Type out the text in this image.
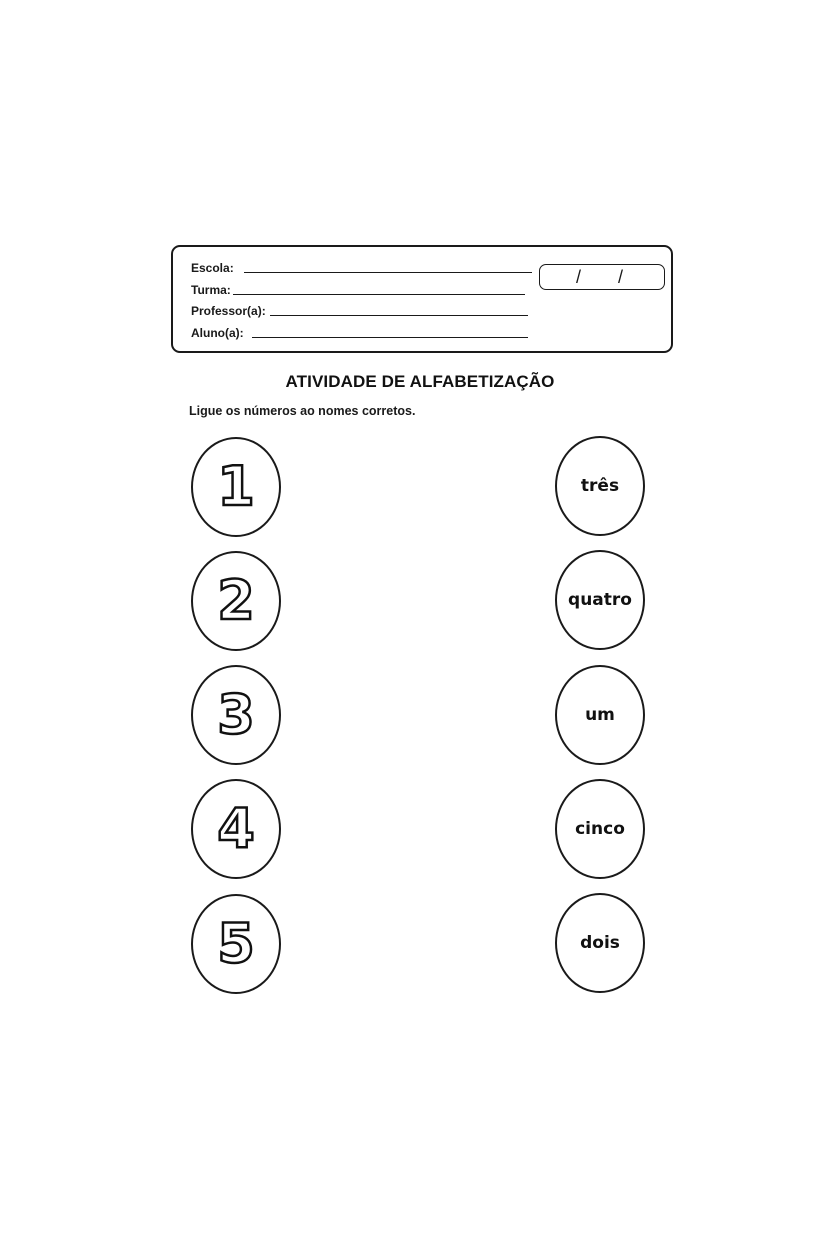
Escola:
Turma:
Professor(a):
Aluno(a):
/ /
ATIVIDADE DE ALFABETIZAÇÃO
Ligue os números ao nomes corretos.
1
2
3
4
5
três
quatro
um
cinco
dois
